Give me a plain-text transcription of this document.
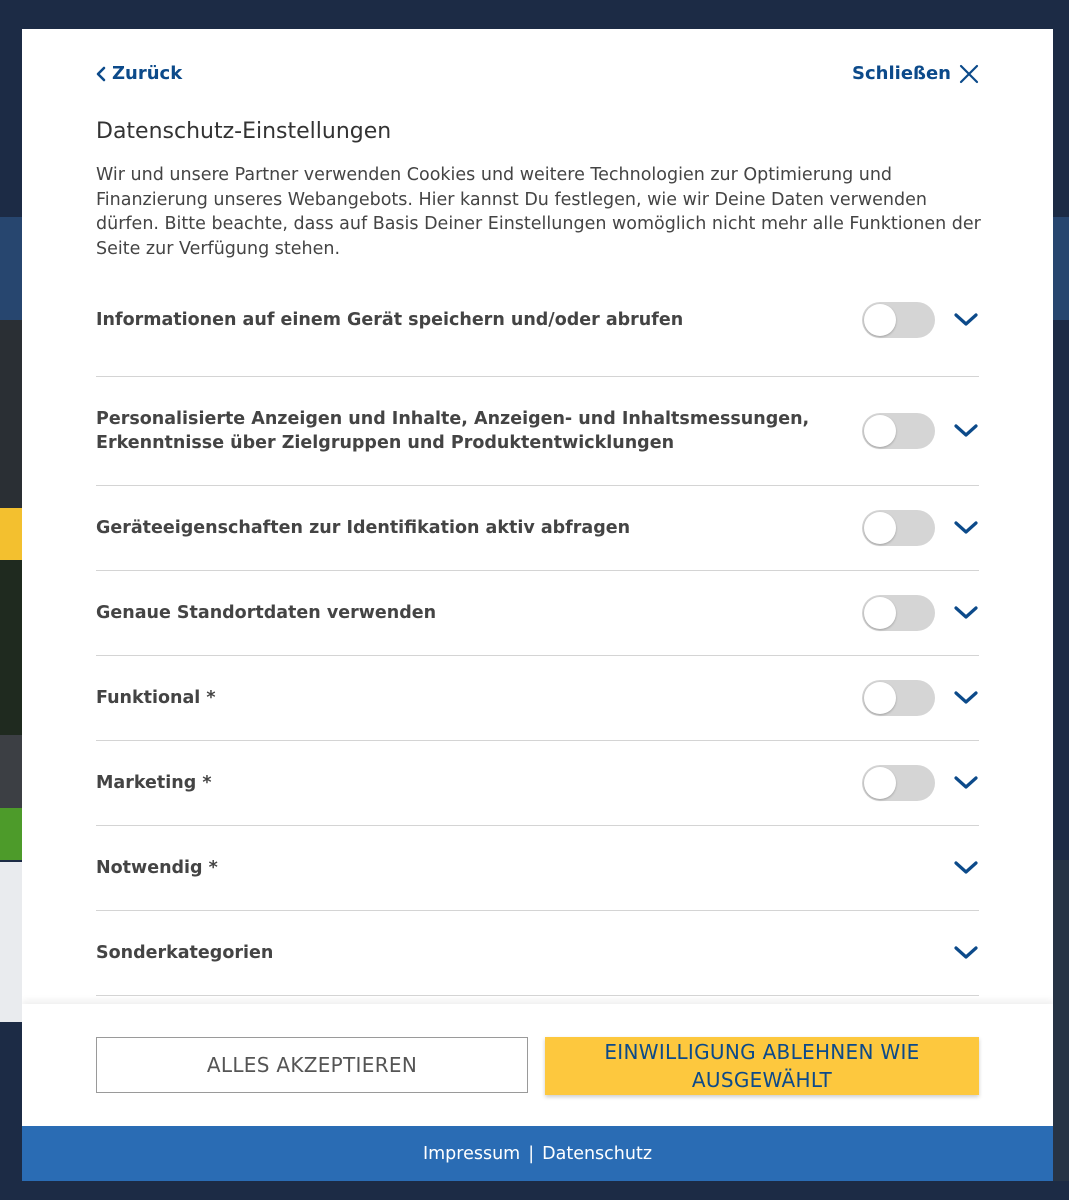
Zurück	Schließen
Datenschutz-Einstellungen

Wir und unsere Partner verwenden Cookies und weitere Technologien zur Optimierung und Finanzierung unseres Webangebots. Hier kannst Du festlegen, wie wir Deine Daten verwenden dürfen. Bitte beachte, dass auf Basis Deiner Einstellungen womöglich nicht mehr alle Funktionen der Seite zur Verfügung stehen.

Informationen auf einem Gerät speichern und/oder abrufen
Personalisierte Anzeigen und Inhalte, Anzeigen- und Inhaltsmessungen, Erkenntnisse über Zielgruppen und Produktentwicklungen
Geräteeigenschaften zur Identifikation aktiv abfragen
Genaue Standortdaten verwenden
Funktional *
Marketing *
Notwendig *
Sonderkategorien
ALLES AKZEPTIEREN
EINWILLIGUNG ABLEHNEN WIE AUSGEWÄHLT
Impressum | Datenschutz
